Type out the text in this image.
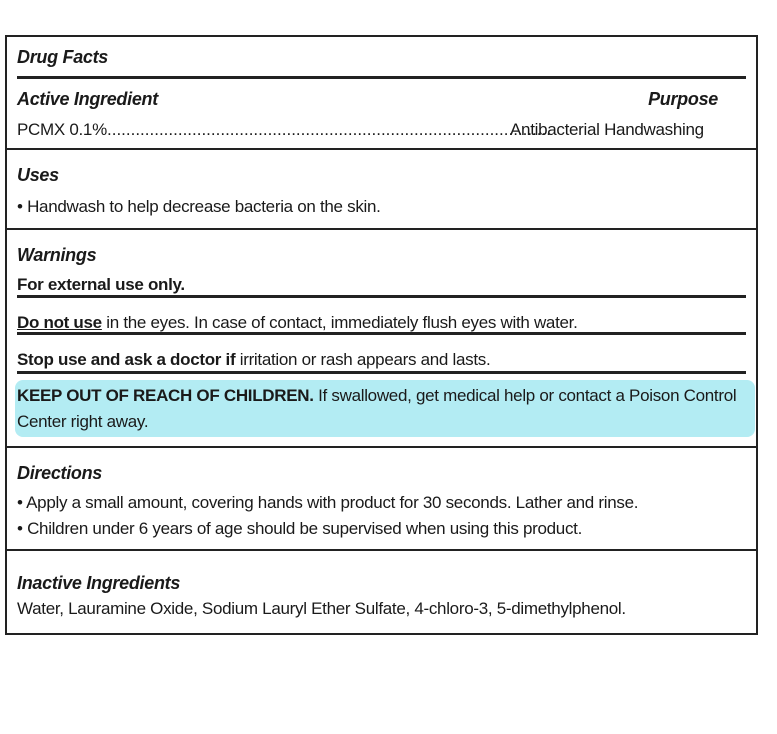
Drug Facts
Active Ingredient	Purpose
PCMX 0.1% ..............................................................................................
Antibacterial Handwashing
Uses
• Handwash to help decrease bacteria on the skin.
Warnings
For external use only.
Do not use in the eyes. In case of contact, immediately flush eyes with water.
Stop use and ask a doctor if irritation or rash appears and lasts.
KEEP OUT OF REACH OF CHILDREN. If swallowed, get medical help or contact a Poison Control
Center right away.
Directions
• Apply a small amount, covering hands with product for 30 seconds. Lather and rinse.
• Children under 6 years of age should be supervised when using this product.
Inactive Ingredients
Water, Lauramine Oxide, Sodium Lauryl Ether Sulfate, 4-chloro-3, 5-dimethylphenol.
